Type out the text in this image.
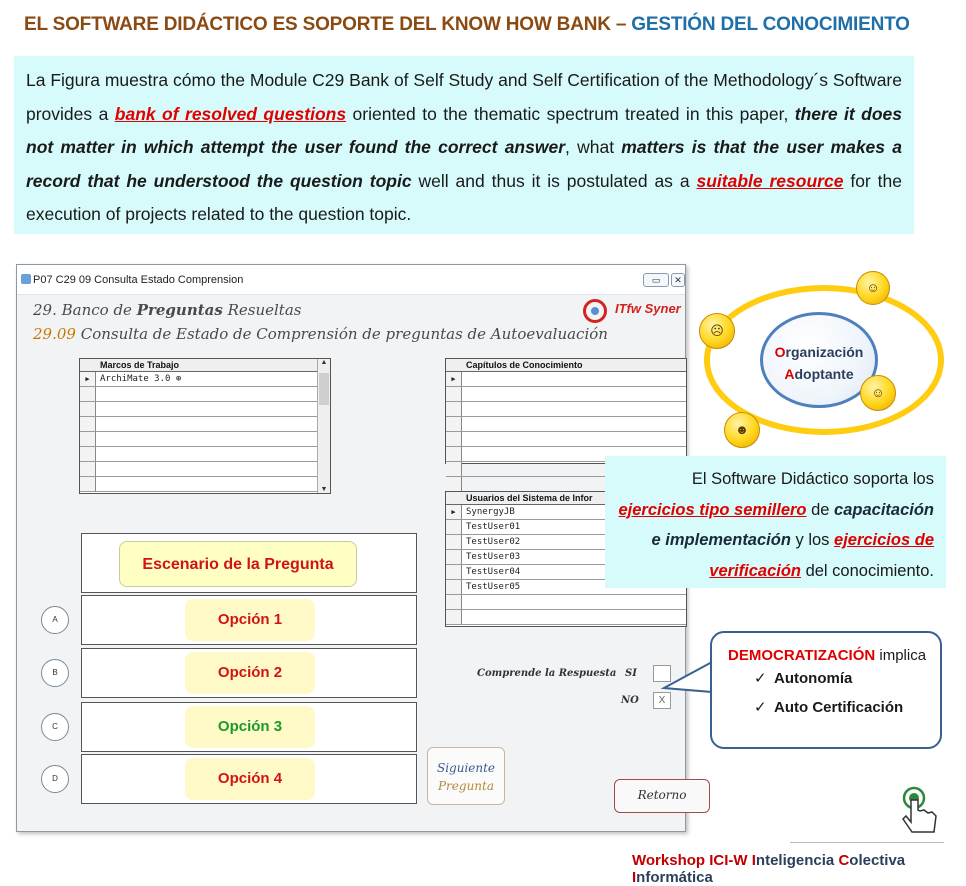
EL SOFTWARE DIDÁCTICO ES SOPORTE DEL KNOW HOW BANK – GESTIÓN DEL CONOCIMIENTO
La Figura muestra cómo the Module C29 Bank of Self Study and Self Certification of the Methodology´s Software provides a bank of resolved questions oriented to the thematic spectrum treated in this paper, there it does not matter in which attempt the user found the correct answer, what matters is that the user makes a record that he understood the question topic well and thus it is postulated as a suitable resource for the execution of projects related to the question topic.
P07 C29 09 Consulta Estado Comprension	▭	✕
29. Banco de Preguntas Resueltas
29.09 Consulta de Estado de Comprensión de preguntas de Autoevaluación
ITfw Syner
Marcos de Trabajo
▶	ArchiMate 3.0 ⊕
▲
▼
Capítulos de Conocimiento
▶
Usuarios del Sistema de Infor
▶	SynergyJB
TestUser01
TestUser02
TestUser03
TestUser04
TestUser05
Escenario de la Pregunta
Opción 1
A
Opción 2
B
Opción 3
C
Opción 4
D
Comprende la Respuesta SI
NO	X
Siguiente
Pregunta
Retorno
Organización
Adoptante
☹
☺
☺
☻
El Software Didáctico soporta los ejercicios tipo semillero de capacitación e implementación y los ejercicios de verificación del conocimiento.
DEMOCRATIZACIÓN implica
✓ Autonomía
✓ Auto Certificación
Workshop ICI-W Inteligencia Colectiva Informática
